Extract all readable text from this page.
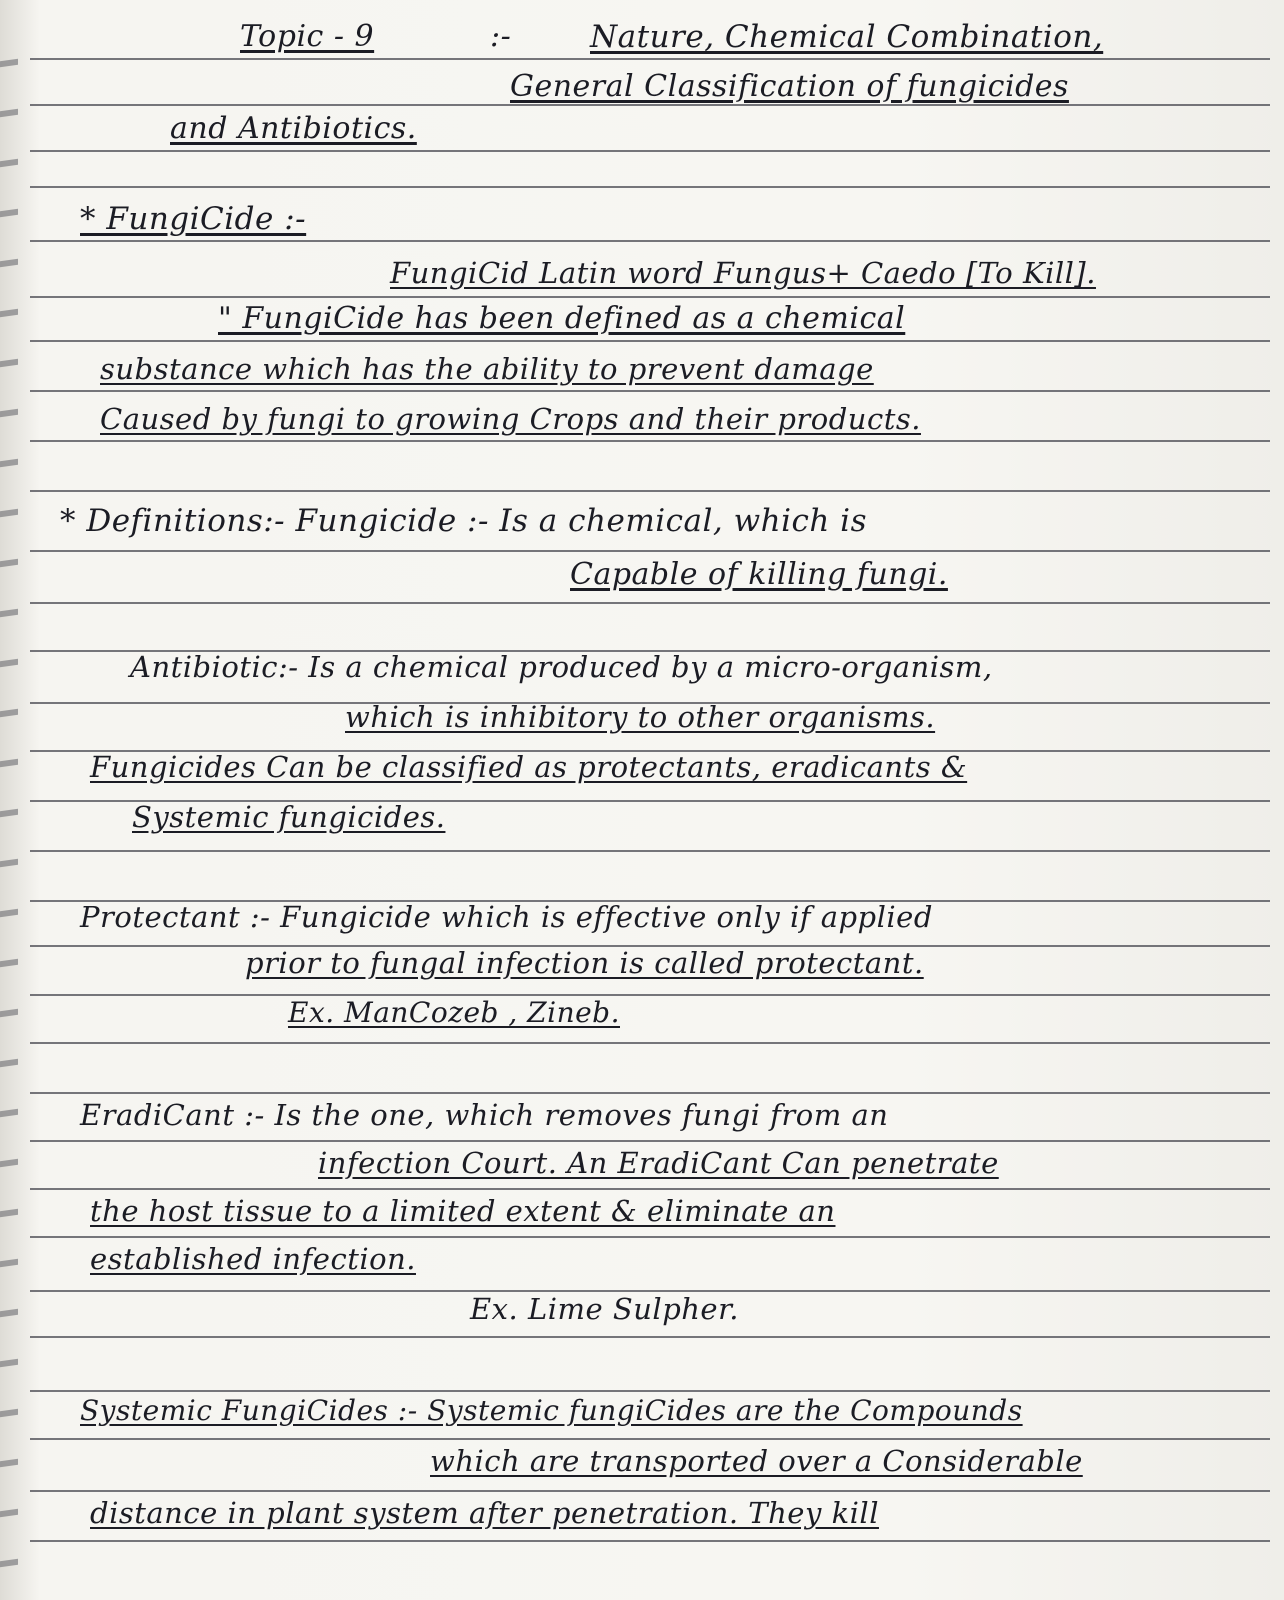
Topic - 9	:-	Nature, Chemical Combination,
General Classification of fungicides
and Antibiotics.
* FungiCide :-
FungiCid Latin word Fungus+ Caedo [To Kill].
" FungiCide has been defined as a chemical
substance which has the ability to prevent damage
Caused by fungi to growing Crops and their products.
* Definitions:- Fungicide :- Is a chemical, which is
Capable of killing fungi.
Antibiotic:- Is a chemical produced by a micro-organism,
which is inhibitory to other organisms.
Fungicides Can be classified as protectants, eradicants &
Systemic fungicides.
Protectant :- Fungicide which is effective only if applied
prior to fungal infection is called protectant.
Ex. ManCozeb , Zineb.
EradiCant :- Is the one, which removes fungi from an
infection Court. An EradiCant Can penetrate
the host tissue to a limited extent & eliminate an
established infection.
Ex. Lime Sulpher.
Systemic FungiCides :- Systemic fungiCides are the Compounds
which are transported over a Considerable
distance in plant system after penetration. They kill
